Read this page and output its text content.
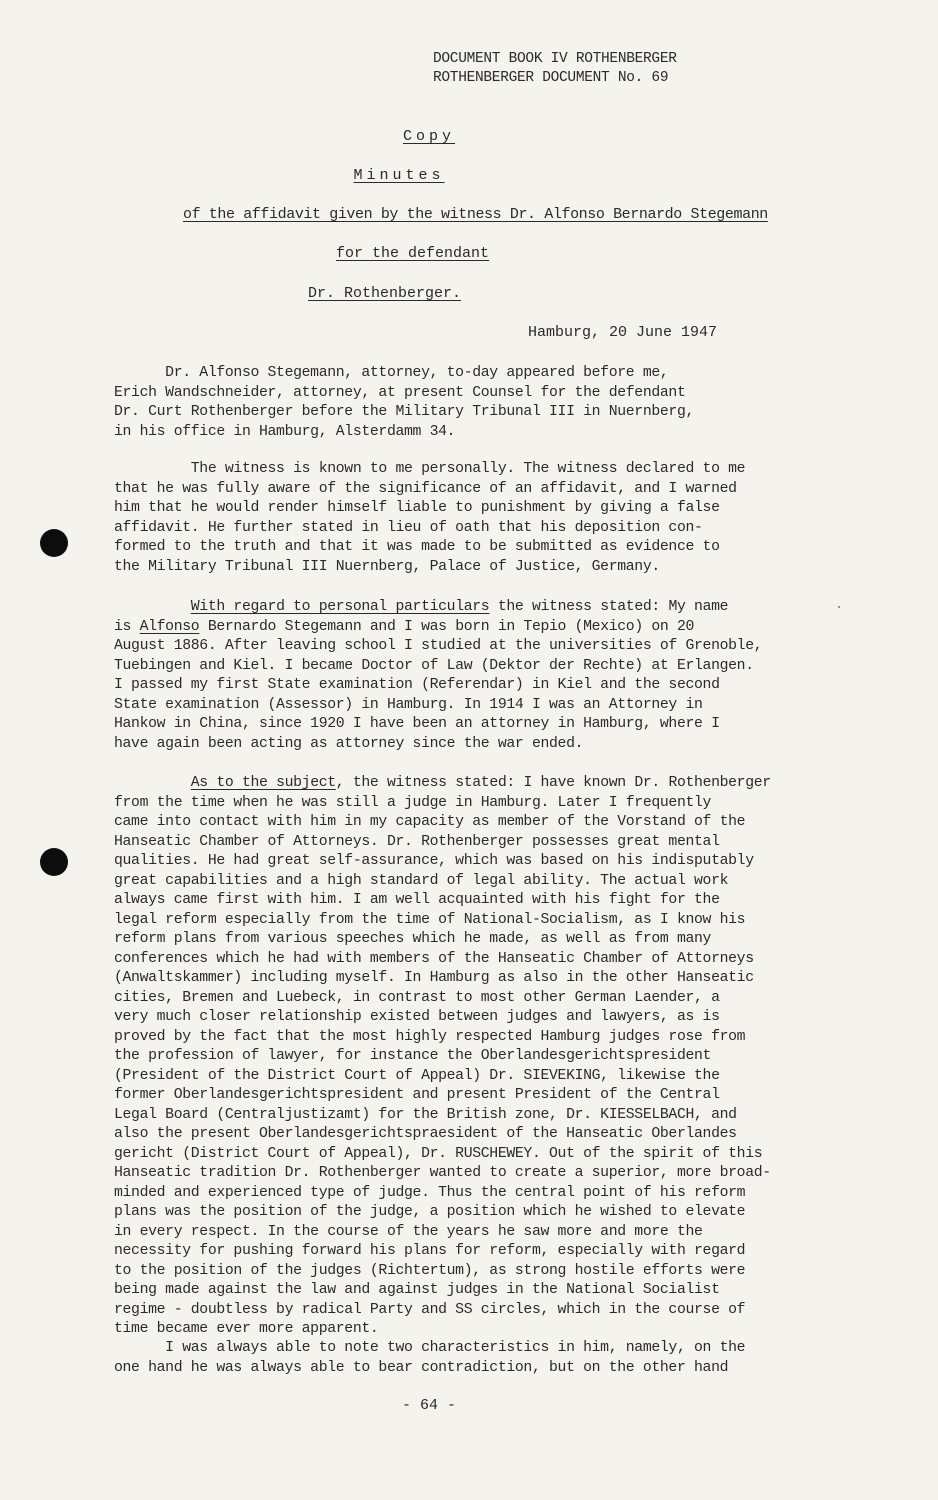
DOCUMENT BOOK IV ROTHENBERGER
ROTHENBERGER DOCUMENT No. 69
Copy
Minutes
of the affidavit given by the witness Dr. Alfonso Bernardo Stegemann
for the defendant
Dr. Rothenberger.
Hamburg, 20 June 1947

Dr. Alfonso Stegemann, attorney, to-day appeared before me,

Erich Wandschneider, attorney, at present Counsel for the defendant

Dr. Curt Rothenberger before the Military Tribunal III in Nuernberg,

in his office in Hamburg, Alsterdamm 34.

The witness is known to me personally. The witness declared to me

that he was fully aware of the significance of an affidavit, and I warned

him that he would render himself liable to punishment by giving a false

affidavit. He further stated in lieu of oath that his deposition con-

formed to the truth and that it was made to be submitted as evidence to

the Military Tribunal III Nuernberg, Palace of Justice, Germany.

With regard to personal particulars the witness stated: My name

is Alfonso Bernardo Stegemann and I was born in Tepio (Mexico) on 20

August 1886. After leaving school I studied at the universities of Grenoble,

Tuebingen and Kiel. I became Doctor of Law (Dektor der Rechte) at Erlangen.

I passed my first State examination (Referendar) in Kiel and the second

State examination (Assessor) in Hamburg. In 1914 I was an Attorney in

Hankow in China, since 1920 I have been an attorney in Hamburg, where I

have again been acting as attorney since the war ended.

As to the subject, the witness stated: I have known Dr. Rothenberger

from the time when he was still a judge in Hamburg. Later I frequently

came into contact with him in my capacity as member of the Vorstand of the

Hanseatic Chamber of Attorneys. Dr. Rothenberger possesses great mental

qualities. He had great self-assurance, which was based on his indisputably

great capabilities and a high standard of legal ability. The actual work

always came first with him. I am well acquainted with his fight for the

legal reform especially from the time of National-Socialism, as I know his

reform plans from various speeches which he made, as well as from many

conferences which he had with members of the Hanseatic Chamber of Attorneys

(Anwaltskammer) including myself. In Hamburg as also in the other Hanseatic

cities, Bremen and Luebeck, in contrast to most other German Laender, a

very much closer relationship existed between judges and lawyers, as is

proved by the fact that the most highly respected Hamburg judges rose from

the profession of lawyer, for instance the Oberlandesgerichtspresident

(President of the District Court of Appeal) Dr. SIEVEKING, likewise the

former Oberlandesgerichtspresident and present President of the Central

Legal Board (Centraljustizamt) for the British zone, Dr. KIESSELBACH, and

also the present Oberlandesgerichtspraesident of the Hanseatic Oberlandes

gericht (District Court of Appeal), Dr. RUSCHEWEY. Out of the spirit of this

Hanseatic tradition Dr. Rothenberger wanted to create a superior, more broad-

minded and experienced type of judge. Thus the central point of his reform

plans was the position of the judge, a position which he wished to elevate

in every respect. In the course of the years he saw more and more the

necessity for pushing forward his plans for reform, especially with regard

to the position of the judges (Richtertum), as strong hostile efforts were

being made against the law and against judges in the National Socialist

regime - doubtless by radical Party and SS circles, which in the course of

time became ever more apparent.

I was always able to note two characteristics in him, namely, on the

one hand he was always able to bear contradiction, but on the other hand

- 64 -
